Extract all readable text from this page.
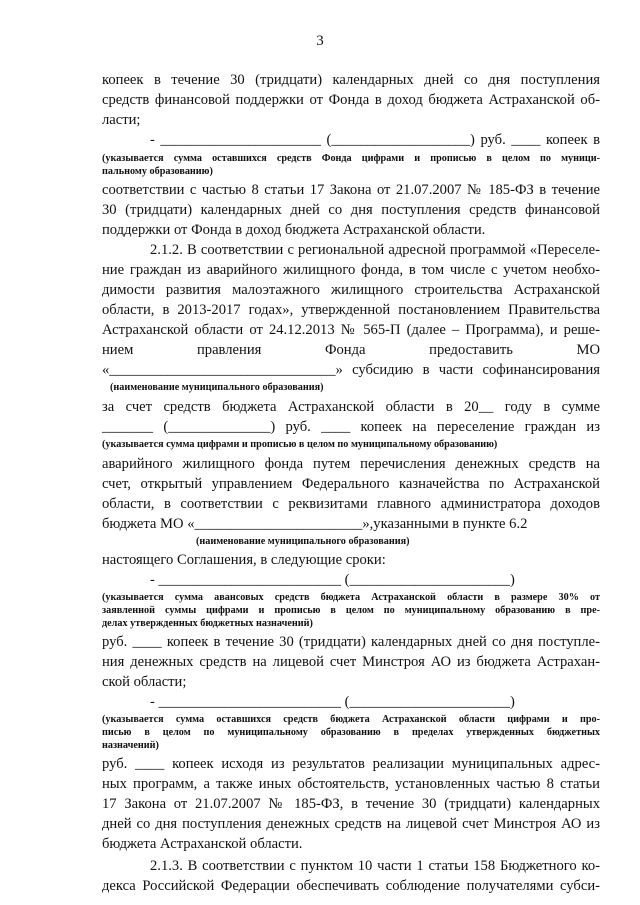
3
копеек в течение 30 (тридцати) календарных дней со дня поступления
средств финансовой поддержки от Фонда в доход бюджета Астраханской об-
ласти;
- ______________________ (___________________) руб. ____ копеек в
(указывается сумма оставшихся средств Фонда цифрами и прописью в целом по муници-
пальному образованию)
соответствии с частью 8 статьи 17 Закона от 21.07.2007 № 185-ФЗ в течение
30 (тридцати) календарных дней со дня поступления средств финансовой
поддержки от Фонда в доход бюджета Астраханской области.
2.1.2. В соответствии с региональной адресной программой «Переселе-
ние граждан из аварийного жилищного фонда, в том числе с учетом необхо-
димости развития малоэтажного жилищного строительства Астраханской
области, в 2013-2017 годах», утвержденной постановлением Правительства
Астраханской области от 24.12.2013 № 565-П (далее – Программа), и реше-
нием правления Фонда предоставить МО
«_______________________________» субсидию в части софинансирования
(наименование муниципального образования)
за счет средств бюджета Астраханской области в 20__ году в сумме
_______ (______________) руб. ____ копеек на переселение граждан из
(указывается сумма цифрами и прописью в целом по муниципальному образованию)
аварийного жилищного фонда путем перечисления денежных средств на
счет, открытый управлением Федерального казначейства по Астраханской
области, в соответствии с реквизитами главного администратора доходов
бюджета МО «_______________________»,указанными в пункте 6.2
(наименование муниципального образования)
настоящего Соглашения, в следующие сроки:
- _________________________ (______________________)
(указывается сумма авансовых средств бюджета Астраханской области в размере 30% от
заявленной суммы цифрами и прописью в целом по муниципальному образованию в пре-
делах утвержденных бюджетных назначений)
руб. ____ копеек в течение 30 (тридцати) календарных дней со дня поступле-
ния денежных средств на лицевой счет Минстроя АО из бюджета Астрахан-
ской области;
- _________________________ (______________________)
(указывается сумма оставшихся средств бюджета Астраханской области цифрами и про-
писью в целом по муниципальному образованию в пределах утвержденных бюджетных
назначений)
руб. ____ копеек исходя из результатов реализации муниципальных адрес-
ных программ, а также иных обстоятельств, установленных частью 8 статьи
17 Закона от 21.07.2007 № 185-ФЗ, в течение 30 (тридцати) календарных
дней со дня поступления денежных средств на лицевой счет Минстроя АО из
бюджета Астраханской области.
2.1.3. В соответствии с пунктом 10 части 1 статьи 158 Бюджетного ко-
декса Российской Федерации обеспечивать соблюдение получателями субси-
